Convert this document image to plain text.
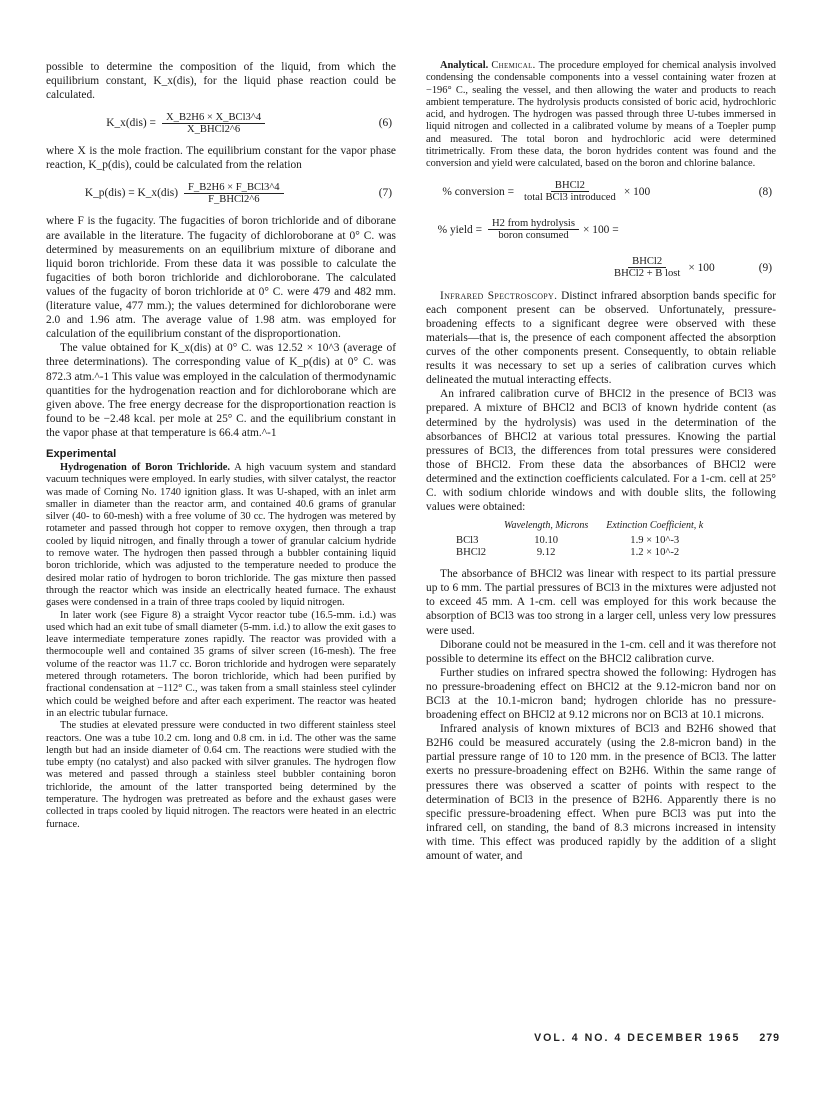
possible to determine the composition of the liquid, from which the equilibrium constant, K_x(dis), for the liquid phase reaction could be calculated.

K_x(dis) = $\frac{\text{X\_B2H6 × X\_BCl3\textasciicircum{}4}}{\text{X\_BHCl2\textasciicircum{}6}}$	(6)

where X is the mole fraction. The equilibrium constant for the vapor phase reaction, K_p(dis), could be calculated from the relation

K_p(dis) = K_x(dis) $\frac{\text{F\_B2H6 × F\_BCl3\textasciicircum{}4}}{\text{F\_BHCl2\textasciicircum{}6}}$	(7)

where F is the fugacity. The fugacities of boron trichloride and of diborane are available in the literature. The fugacity of dichloroborane at 0° C. was determined by measurements on an equilibrium mixture of diborane and liquid boron trichloride. From these data it was possible to calculate the fugacities of both boron trichloride and dichloroborane. The calculated values of the fugacity of boron trichloride at 0° C. were 479 and 482 mm. (literature value, 477 mm.); the values determined for dichloroborane were 2.0 and 1.96 atm. The average value of 1.98 atm. was employed for calculation of the equilibrium constant of the disproportionation.

The value obtained for K_x(dis) at 0° C. was 12.52 × 10^3 (average of three determinations). The corresponding value of K_p(dis) at 0° C. was 872.3 atm.^-1 This value was employed in the calculation of thermodynamic quantities for the hydrogenation reaction and for dichloroborane which are given above. The free energy decrease for the disproportionation reaction is found to be −2.48 kcal. per mole at 25° C. and the equilibrium constant in the vapor phase at that temperature is 66.4 atm.^-1

Experimental

Hydrogenation of Boron Trichloride. A high vacuum system and standard vacuum techniques were employed. In early studies, with silver catalyst, the reactor was made of Corning No. 1740 ignition glass. It was U-shaped, with an inlet arm smaller in diameter than the reactor arm, and contained 40.6 grams of granular silver (40- to 60-mesh) with a free volume of 30 cc. The hydrogen was metered by rotameter and passed through hot copper to remove oxygen, then through a trap cooled by liquid nitrogen, and finally through a tower of granular calcium hydride to remove water. The hydrogen then passed through a bubbler containing liquid boron trichloride, which was adjusted to the temperature needed to produce the desired molar ratio of hydrogen to boron trichloride. The gas mixture then passed through the reactor which was inside an electrically heated furnace. The exhaust gases were condensed in a train of three traps cooled by liquid nitrogen.

In later work (see Figure 8) a straight Vycor reactor tube (16.5-mm. i.d.) was used which had an exit tube of small diameter (5-mm. i.d.) to allow the exit gases to leave intermediate temperature zones rapidly. The reactor was provided with a thermocouple well and contained 35 grams of silver screen (16-mesh). The free volume of the reactor was 11.7 cc. Boron trichloride and hydrogen were separately metered through rotameters. The boron trichloride, which had been purified by fractional condensation at −112° C., was taken from a small stainless steel cylinder which could be weighed before and after each experiment. The reactor was heated in an electric tubular furnace.

The studies at elevated pressure were conducted in two different stainless steel reactors. One was a tube 10.2 cm. long and 0.8 cm. in i.d. The other was the same length but had an inside diameter of 0.64 cm. The reactions were studied with the tube empty (no catalyst) and also packed with silver granules. The hydrogen flow was metered and passed through a stainless steel bubbler containing boron trichloride, the amount of the latter transported being determined by the temperature. The hydrogen was pretreated as before and the exhaust gases were collected in traps cooled by liquid nitrogen. The reactors were heated in an electric furnace.

Analytical. Chemical. The procedure employed for chemical analysis involved condensing the condensable components into a vessel containing water frozen at −196° C., sealing the vessel, and then allowing the water and products to reach ambient temperature. The hydrolysis products consisted of boric acid, hydrochloric acid, and hydrogen. The hydrogen was passed through three U-tubes immersed in liquid nitrogen and collected in a calibrated volume by means of a Toepler pump and measured. The total boron and hydrochloric acid were determined titrimetrically. From these data, the boron hydrides content was found and the conversion and yield were calculated, based on the boron and chlorine balance.

% conversion = $\frac{\text{BHCl2}}{\text{total BCl3 introduced}} \times 100$	(8)
% yield = $\frac{\text{H2 from hydrolysis}}{\text{boron consumed}} \times 100$ =
$\frac{\text{BHCl2}}{\text{BHCl2 + B lost}} \times 100$	(9)

Infrared Spectroscopy. Distinct infrared absorption bands specific for each component present can be observed. Unfortunately, pressure-broadening effects to a significant degree were observed with these materials—that is, the presence of each component affected the absorption curves of the other components present. Consequently, to obtain reliable results it was necessary to set up a series of calibration curves which delineated the mutual interacting effects.

An infrared calibration curve of BHCl2 in the presence of BCl3 was prepared. A mixture of BHCl2 and BCl3 of known hydride content (as determined by the hydrolysis) was used in the determination of the absorbances of BHCl2 at various total pressures. Knowing the partial pressures of BCl3, the differences from total pressures were considered those of BHCl2. From these data the absorbances of BHCl2 were determined and the extinction coefficients calculated. For a 1-cm. cell at 25° C. with sodium chloride windows and with double slits, the following values were obtained:

	Wavelength, Microns	Extinction Coefficient, k
BCl3	10.10	1.9 × 10^-3
BHCl2	9.12	1.2 × 10^-2

The absorbance of BHCl2 was linear with respect to its partial pressure up to 6 mm. The partial pressures of BCl3 in the mixtures were adjusted not to exceed 45 mm. A 1-cm. cell was employed for this work because the absorption of BCl3 was too strong in a larger cell, unless very low pressures were used.

Diborane could not be measured in the 1-cm. cell and it was therefore not possible to determine its effect on the BHCl2 calibration curve.

Further studies on infrared spectra showed the following: Hydrogen has no pressure-broadening effect on BHCl2 at the 9.12-micron band nor on BCl3 at the 10.1-micron band; hydrogen chloride has no pressure-broadening effect on BHCl2 at 9.12 microns nor on BCl3 at 10.1 microns.

Infrared analysis of known mixtures of BCl3 and B2H6 showed that B2H6 could be measured accurately (using the 2.8-micron band) in the partial pressure range of 10 to 120 mm. in the presence of BCl3. The latter exerts no pressure-broadening effect on B2H6. Within the same range of pressures there was observed a scatter of points with respect to the determination of BCl3 in the presence of B2H6. Apparently there is no specific pressure-broadening effect. When pure BCl3 was put into the infrared cell, on standing, the band of 8.3 microns increased in intensity with time. This effect was produced rapidly by the addition of a slight amount of water, and

VOL. 4 NO. 4 DECEMBER 1965 279
